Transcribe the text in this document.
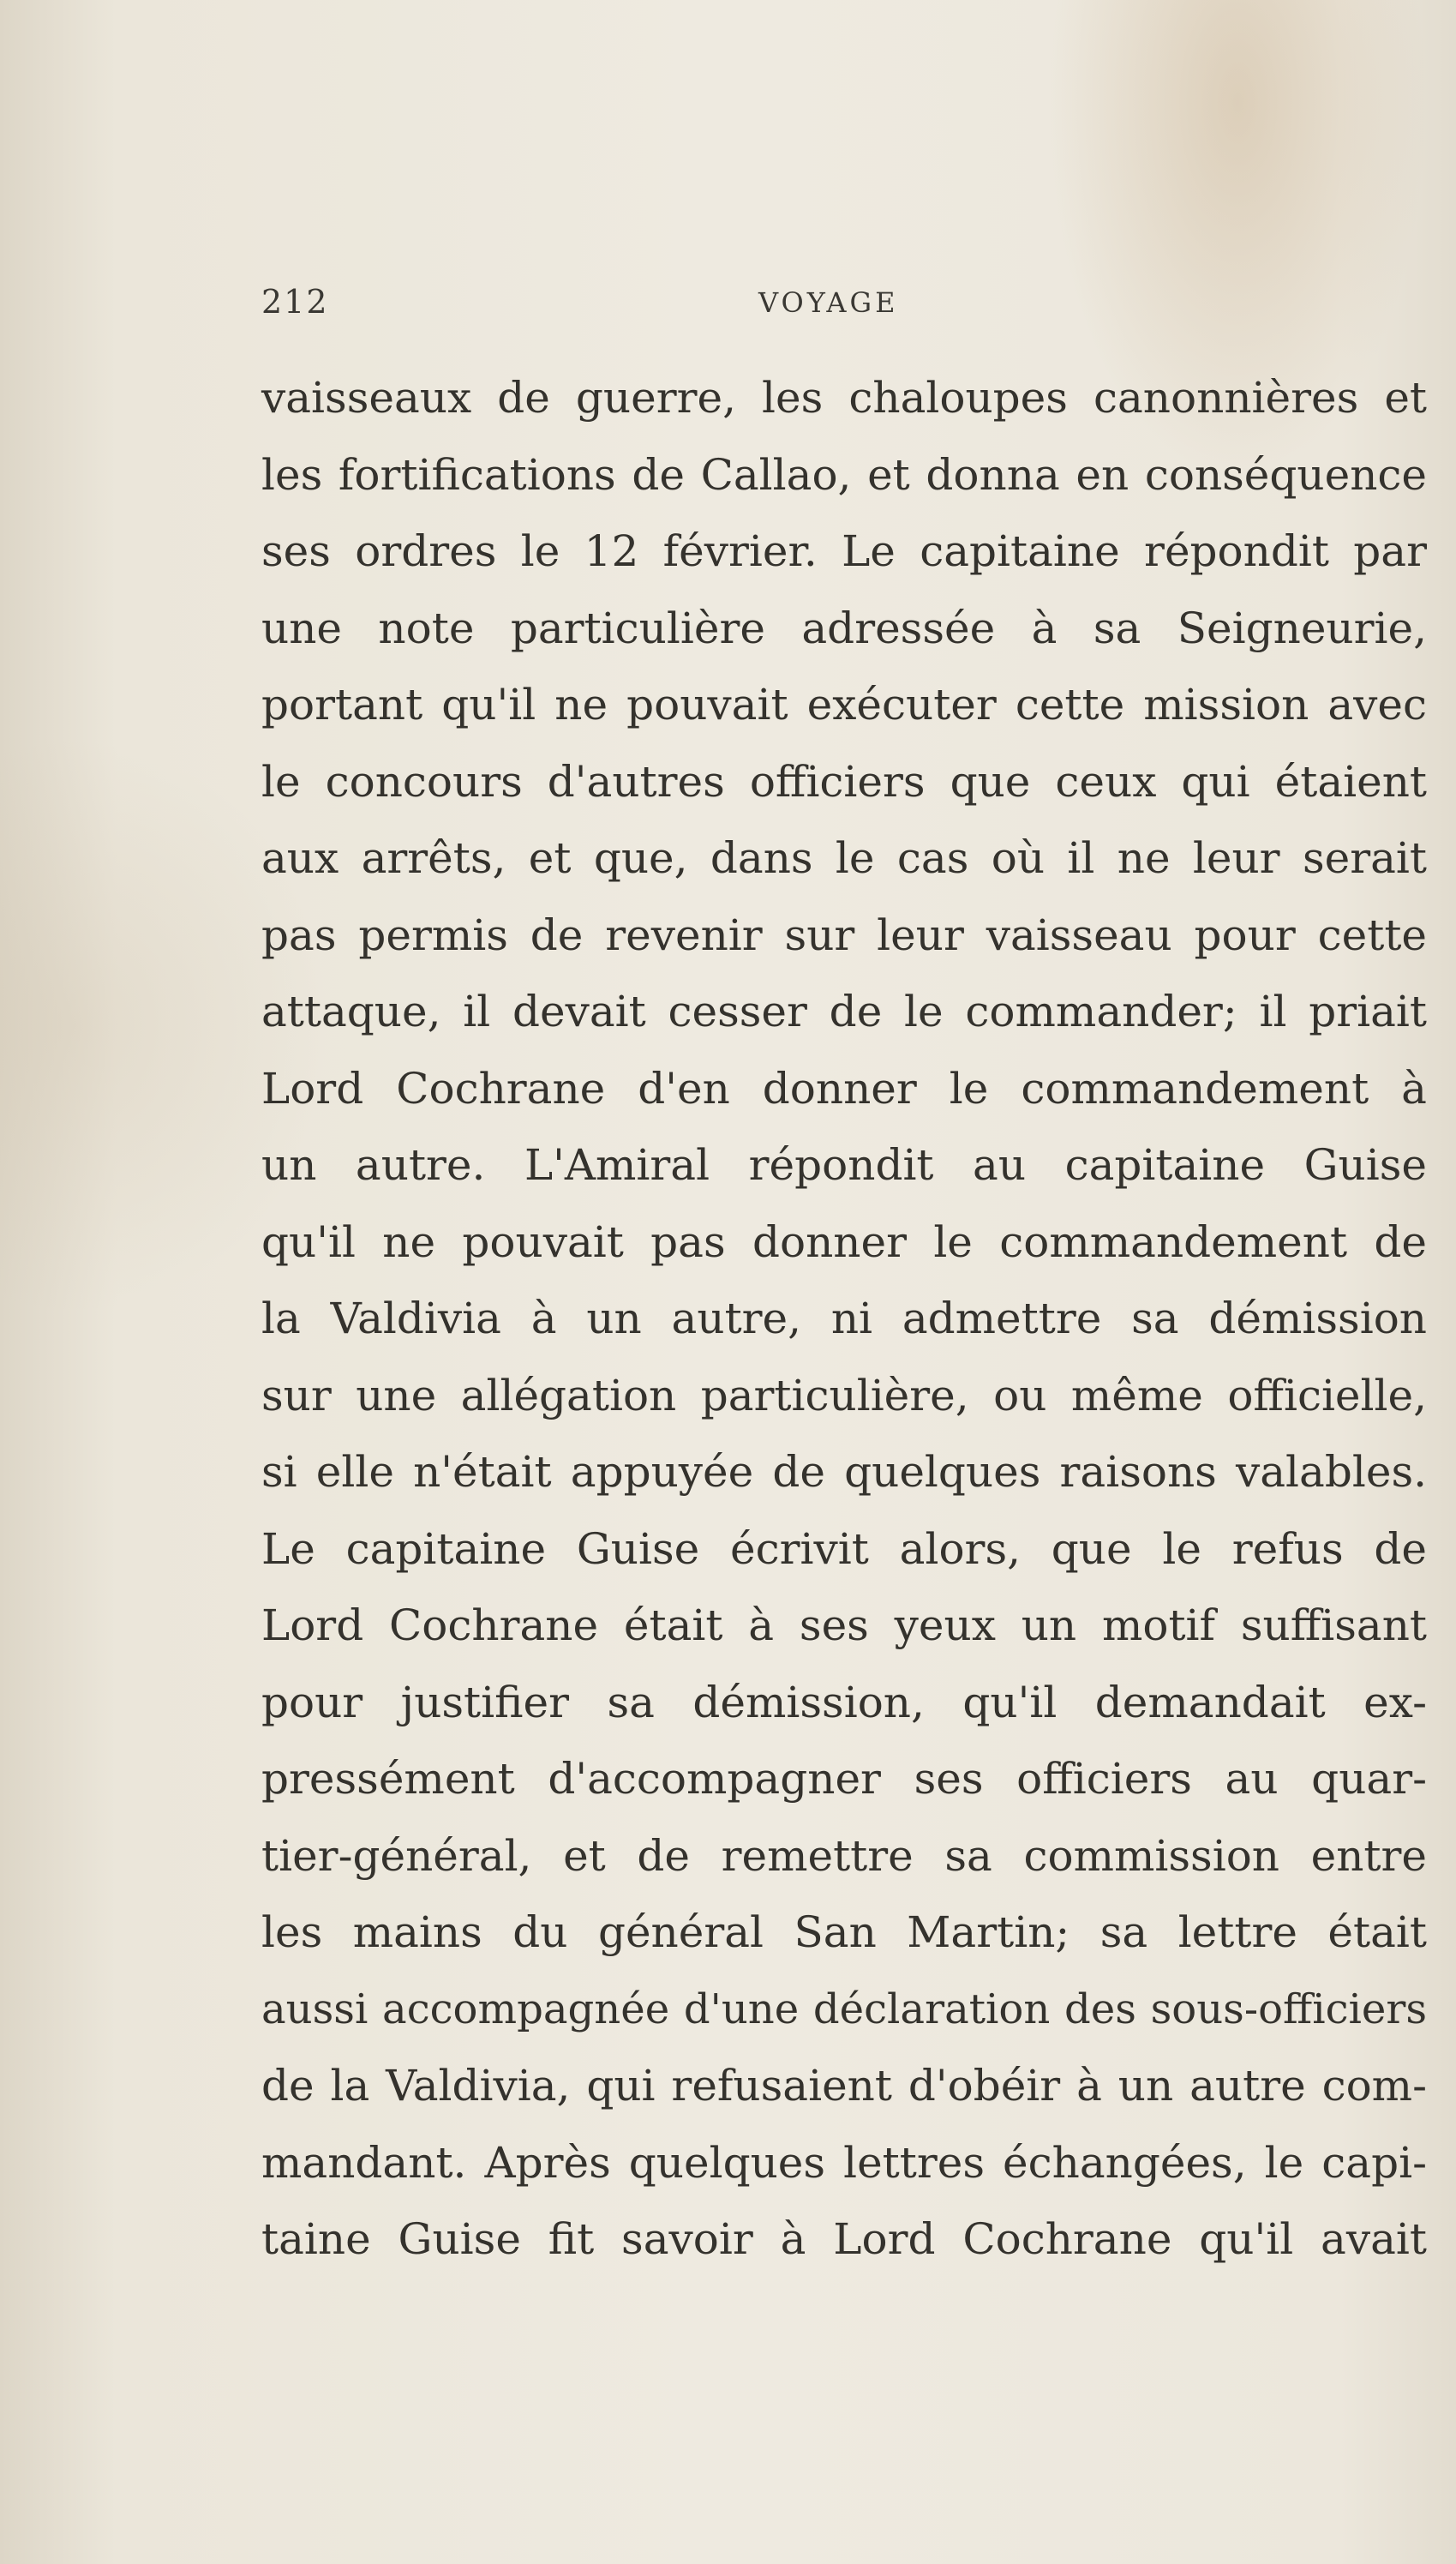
212	VOYAGE
vaisseaux de guerre, les chaloupes canonnières et
les fortifications de Callao, et donna en conséquence
ses ordres le 12 février. Le capitaine répondit par
une note particulière adressée à sa Seigneurie,
portant qu'il ne pouvait exécuter cette mission avec
le concours d'autres officiers que ceux qui étaient
aux arrêts, et que, dans le cas où il ne leur serait
pas permis de revenir sur leur vaisseau pour cette
attaque, il devait cesser de le commander; il priait
Lord Cochrane d'en donner le commandement à
un autre. L'Amiral répondit au capitaine Guise
qu'il ne pouvait pas donner le commandement de
la Valdivia à un autre, ni admettre sa démission
sur une allégation particulière, ou même officielle,
si elle n'était appuyée de quelques raisons valables.
Le capitaine Guise écrivit alors, que le refus de
Lord Cochrane était à ses yeux un motif suffisant
pour justifier sa démission, qu'il demandait ex-
pressément d'accompagner ses officiers au quar-
tier-général, et de remettre sa commission entre
les mains du général San Martin; sa lettre était
aussi accompagnée d'une déclaration des sous-officiers
de la Valdivia, qui refusaient d'obéir à un autre com-
mandant. Après quelques lettres échangées, le capi-
taine Guise fit savoir à Lord Cochrane qu'il avait
